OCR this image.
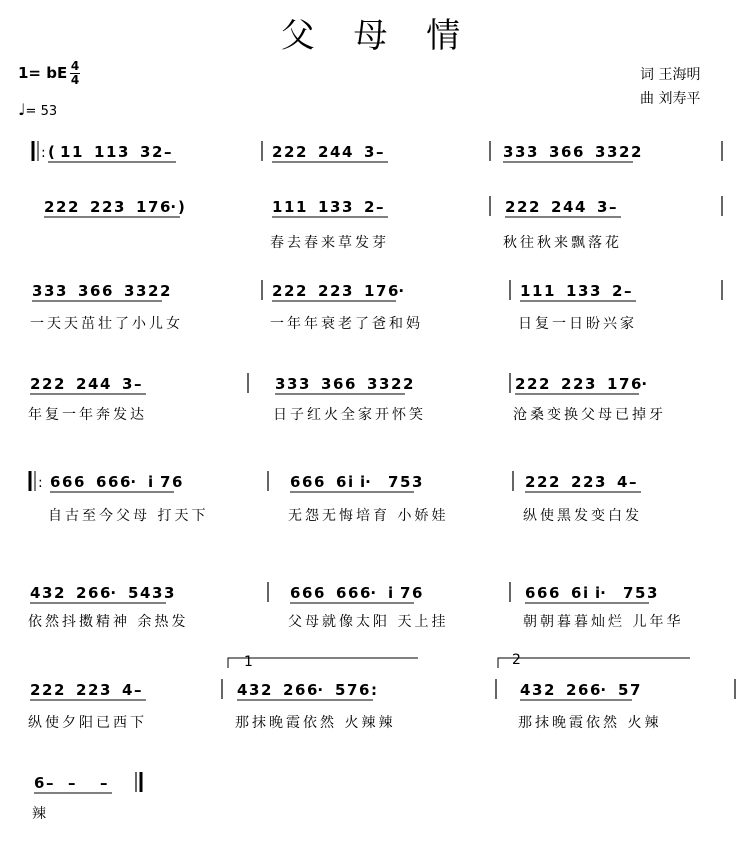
父 母 情
1= bE 4
4
♩= 53
词 王海明
曲 刘寿平
: ( 1 1 1 1 3 3 2 –	2 2 2 2 4 4 3 –	3 3 3 3 6 6 3 3 2 2
2 2 2 2 2 3 1 7 6· )	1 1 1 1 3 3 2 –
春去春来草发芽
2 2 2 2 4 4 3 –
秋往秋来飘落花
3 3 3 3 6 6 3 3 2 2
一天天茁壮了小儿女
2 2 2 2 2 3 1 7 6·
一年年衰老了爸和妈
1 1 1 1 3 3 2 –
日复一日盼兴家
2 2 2 2 4 4 3 –
年复一年奔发达
3 3 3 3 6 6 3 3 2 2
日子红火全家开怀笑
2 2 2 2 2 3 1 7 6·
沧桑变换父母已掉牙
: 6 6 6 6 6 6· i 7 6
自古至今父母 打天下
6 6 6 6 i i· 7 5 3
无怨无悔培育 小娇娃
2 2 2 2 2 3 4 –
纵使黑发变白发
4 3 2 2 6 6· 5 4 3 3
依然抖擞精神 余热发
6 6 6 6 6 6· i 7 6
父母就像太阳 天上挂
6 6 6 6 i i· 7 5 3
朝朝暮暮灿烂 儿年华
2 2 2 2 2 3 4 –
纵使夕阳已西下
4 3 2 2 6 6· 5 7 6 :
那抹晚霞依然 火辣辣
4 3 2 2 6 6· 5 7
那抹晚霞依然 火辣
1	2
6 – – –
辣
